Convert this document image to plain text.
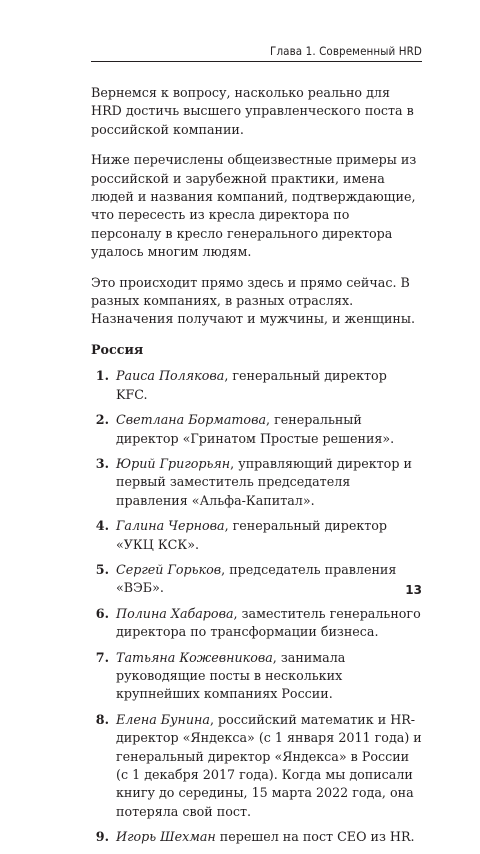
Глава 1. Современный HRD

Вернемся к вопросу, насколько реально для HRD достичь высшего управленческого поста в российской компании.

Ниже перечислены общеизвестные примеры из российской и зарубежной практики, имена людей и названия компаний, подтверждающие, что пересесть из кресла директора по персоналу в кресло генерального директора удалось многим людям.

Это происходит прямо здесь и прямо сейчас. В разных компаниях, в разных отраслях. Назначения получают и мужчины, и женщины.

Россия
1. Раиса Полякова, генеральный директор KFC.
2. Светлана Борматова, генеральный директор «Гринатом Простые решения».
3. Юрий Григорьян, управляющий директор и первый заместитель председателя правления «Альфа-Капитал».
4. Галина Чернова, генеральный директор «УКЦ КСК».
5. Сергей Горьков, председатель правления «ВЭБ».
6. Полина Хабарова, заместитель генерального директора по трансформации бизнеса.
7. Татьяна Кожевникова, занимала руководящие посты в нескольких крупнейших компаниях России.
8. Елена Бунина, российский математик и HR-директор «Яндекса» (с 1 января 2011 года) и генеральный директор «Яндекса» в России (с 1 декабря 2017 года). Когда мы дописали книгу до середины, 15 марта 2022 года, она потеряла свой пост.
9. Игорь Шехман перешел на пост CEO из HR.
13
